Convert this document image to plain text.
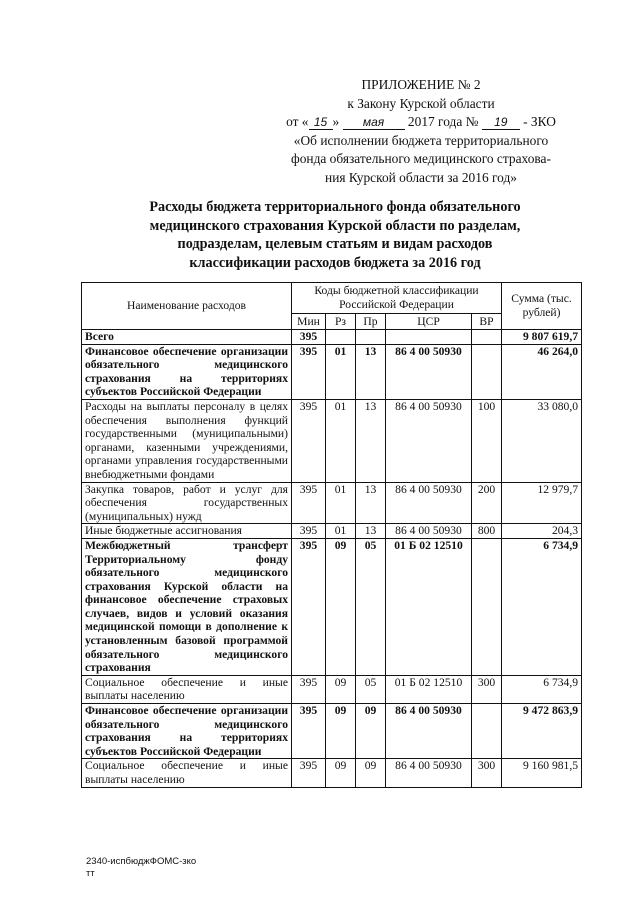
ПРИЛОЖЕНИЕ № 2
к Закону Курской области
от « 15 » мая 2017 года № 19 - ЗКО
«Об исполнении бюджета территориального
фонда обязательного медицинского страхова-
ния Курской области за 2016 год»
Расходы бюджета территориального фонда обязательного
медицинского страхования Курской области по разделам,
подразделам, целевым статьям и видам расходов
классификации расходов бюджета за 2016 год
Наименование расходов	Коды бюджетной классификации Российской Федерации					Сумма (тыс. рублей)
	Мин	Рз	Пр	ЦСР	ВР	
Всего	395					9 807 619,7
Финансовое обеспечение организации обязательного медицинского страхования на территориях субъектов Российской Федерации	395	01	13	86 4 00 50930		46 264,0
Расходы на выплаты персоналу в целях обеспечения выполнения функций государственными (муниципальными) органами, казенными учреждениями, органами управления государственными внебюджетными фондами	395	01	13	86 4 00 50930	100	33 080,0
Закупка товаров, работ и услуг для обеспечения государственных (муниципальных) нужд	395	01	13	86 4 00 50930	200	12 979,7
Иные бюджетные ассигнования	395	01	13	86 4 00 50930	800	204,3
Межбюджетный трансферт Территориальному фонду обязательного медицинского страхования Курской области на финансовое обеспечение страховых случаев, видов и условий оказания медицинской помощи в дополнение к установленным базовой программой обязательного медицинского страхования	395	09	05	01 Б 02 12510		6 734,9
Социальное обеспечение и иные выплаты населению	395	09	05	01 Б 02 12510	300	6 734,9
Финансовое обеспечение организации обязательного медицинского страхования на территориях субъектов Российской Федерации	395	09	09	86 4 00 50930		9 472 863,9
Социальное обеспечение и иные выплаты населению	395	09	09	86 4 00 50930	300	9 160 981,5
2340-испбюджФОМС-зко
тт
